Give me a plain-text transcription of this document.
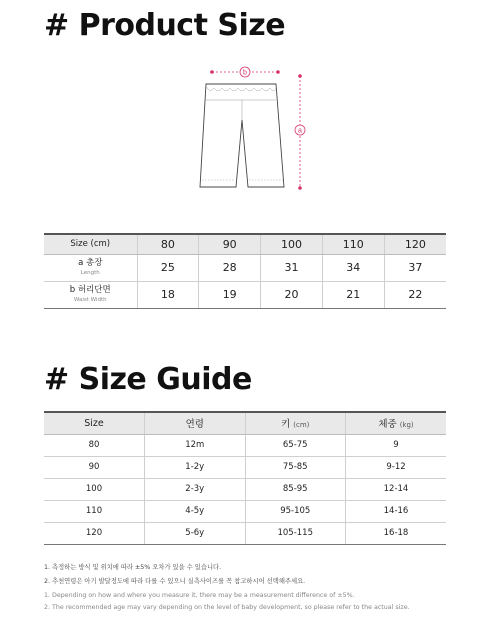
# Product Size
b
a
Size (cm)	80	90	100	110	120
a 총장
Length	25	28	31	34	37
b 허리단면
Waist Width	18	19	20	21	22
# Size Guide
Size	연령	키 (cm)	체중 (kg)
80	12m	65-75	9
90	1-2y	75-85	9-12
100	2-3y	85-95	12-14
110	4-5y	95-105	14-16
120	5-6y	105-115	16-18
1. 측정하는 방식 및 위치에 따라 ±5% 오차가 있을 수 있습니다.
2. 추천연령은 아기 발달정도에 따라 다를 수 있으니 실측사이즈를 꼭 참고하시어 선택해주세요.
1. Depending on how and where you measure it, there may be a measurement difference of ±5%.
2. The recommended age may vary depending on the level of baby development, so please refer to the actual size.
